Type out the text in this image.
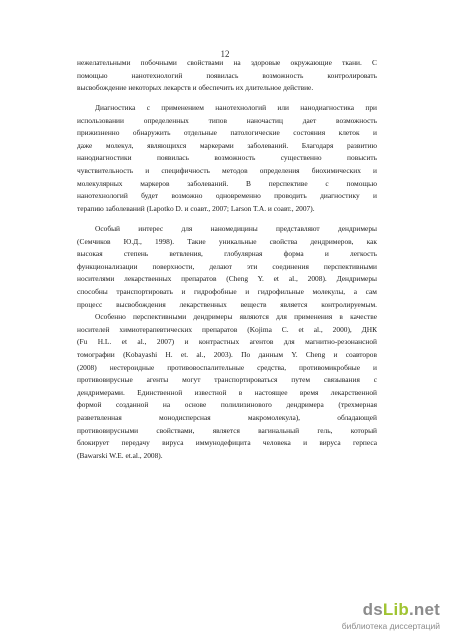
12
нежелательными побочными свойствами на здоровые окружающие ткани. С
помощью нанотехнологий появилась возможность контролировать
высвобождение некоторых лекарств и обеспечить их длительное действие.
Диагностика с применением нанотехнологий или нанодиагностика при
использовании определенных типов наночастиц дает возможность
прижизненно обнаружить отдельные патологические состояния клеток и
даже молекул, являющихся маркерами заболеваний. Благодаря развитию
нанодиагностики появилась возможность существенно повысить
чувствительность и специфичность методов определения биохимических и
молекулярных маркеров заболеваний. В перспективе с помощью
нанотехнологий будет возможно одновременно проводить диагностику и
терапию заболеваний (Lapotko D. и соавт., 2007; Larson T.A. и соавт., 2007).
Особый интерес для наномедицины представляют дендримеры
(Семчиков Ю.Д., 1998). Такие уникальные свойства дендримеров, как
высокая степень ветвления, глобулярная форма и легкость
функционализации поверхности, делают эти соединения перспективными
носителями лекарственных препаратов (Cheng Y. et al., 2008). Дендримеры
способны транспортировать и гидрофобные и гидрофильные молекулы, а сам
процесс высвобождения лекарственных веществ является контролируемым.
Особенно перспективными дендримеры являются для применения в качестве
носителей химиотерапевтических препаратов (Kojima C. et al., 2000), ДНК
(Fu H.L. et al., 2007) и контрастных агентов для магнитно-резонансной
томографии (Kobayashi H. et. al., 2003). По данным Y. Cheng и соавторов
(2008) нестероидные противовоспалительные средства, противомикробные и
противовирусные агенты могут транспортироваться путем связывания с
дендримерами. Единственной известной в настоящее время лекарственной
формой созданной на основе полилизинового дендримера (трехмерная
разветвленная монодисперсная макромолекула), обладающей
противовирусными свойствами, является вагинальный гель, который
блокирует передачу вируса иммунодефицита человека и вируса герпеса
(Bawarski W.E. et.al., 2008).
dsLib.net
библиотека диссертаций
